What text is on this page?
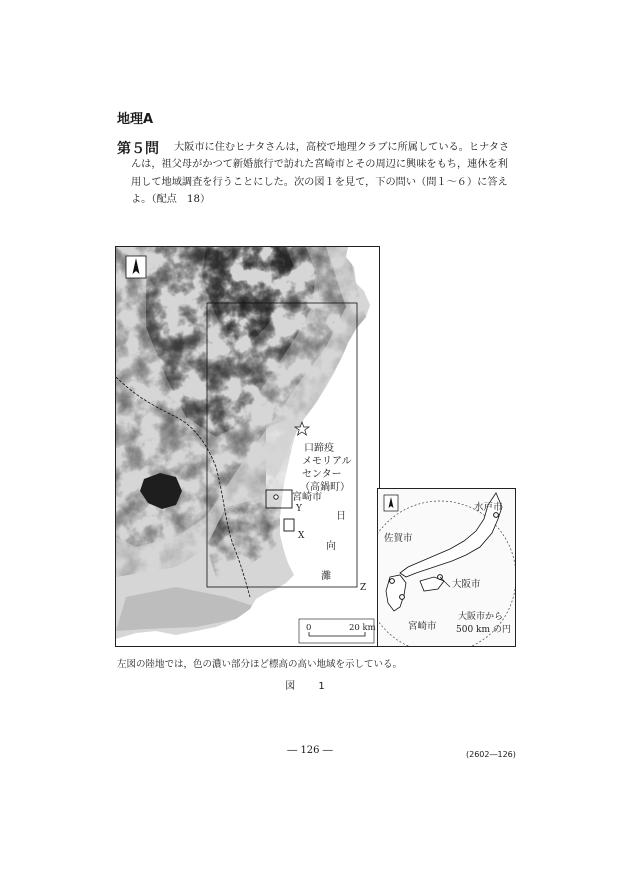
地理A
第５問 大阪市に住むヒナタさんは，高校で地理クラブに所属している。ヒナタさ
んは，祖父母がかつて新婚旅行で訪れた宮崎市とその周辺に興味をもち，連休を利
用して地域調査を行うことにした。次の図１を見て，下の問い（問１～６）に答え
よ。（配点　18）
0	20 km
口蹄疫
メモリアル
センター
（高鍋町）
宮崎市
Y
X
日
向
灘
Z
水戸市
佐賀市
大阪市
宮崎市
大阪市から
500 km の円
左図の陸地では，色の濃い部分ほど標高の高い地域を示している。
図 1
― 126 ―	(2602―126)
